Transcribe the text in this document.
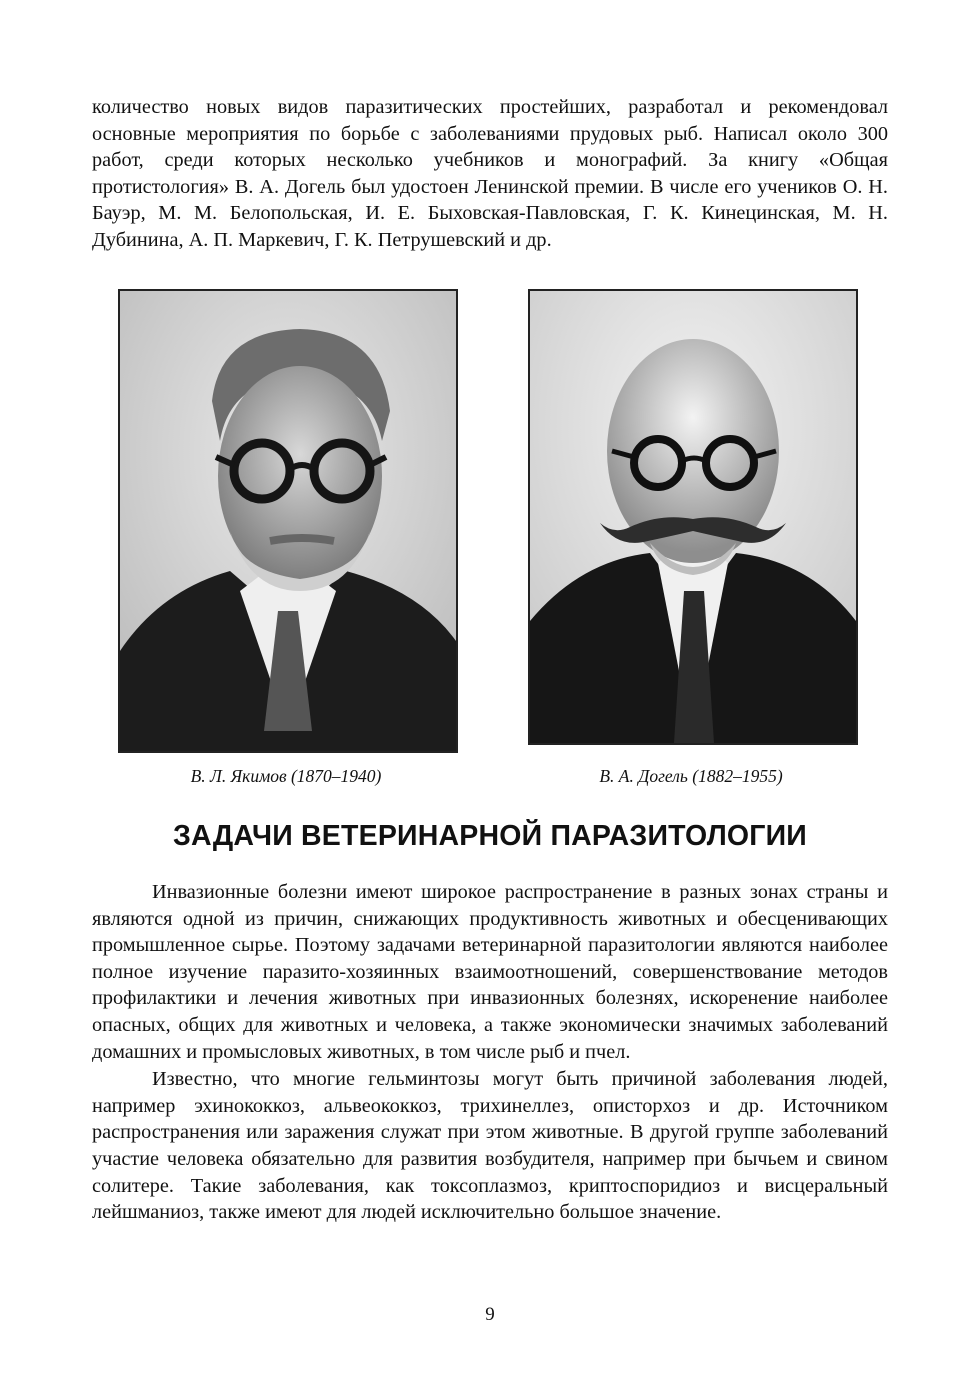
количество новых видов паразитических простейших, разработал и рекомендовал основные мероприятия по борьбе с заболеваниями прудовых рыб. Написал около 300 работ, среди которых несколько учебников и монографий. За книгу «Общая протистология» В. А. Догель был удостоен Ленинской премии. В числе его учеников О. Н. Бауэр, М. М. Белопольская, И. Е. Быховская-Павловская, Г. К. Кинецинская, М. Н. Дубинина, А. П. Маркевич, Г. К. Петрушевский и др.

В. Л. Якимов (1870–1940)	В. А. Догель (1882–1955)
ЗАДАЧИ ВЕТЕРИНАРНОЙ ПАРАЗИТОЛОГИИ

Инвазионные болезни имеют широкое распространение в разных зонах страны и являются одной из причин, снижающих продуктивность животных и обесценивающих промышленное сырье. Поэтому задачами ветеринарной паразитологии являются наиболее полное изучение паразито-хозяинных взаимоотношений, совершенствование методов профилактики и лечения животных при инвазионных болезнях, искоренение наиболее опасных, общих для животных и человека, а также экономически значимых заболеваний домашних и промысловых животных, в том числе рыб и пчел.

Известно, что многие гельминтозы могут быть причиной заболевания людей, например эхинококкоз, альвеококкоз, трихинеллез, описторхоз и др. Источником распространения или заражения служат при этом животные. В другой группе заболеваний участие человека обязательно для развития возбудителя, например при бычьем и свином солитере. Такие заболевания, как токсоплазмоз, криптоспоридиоз и висцеральный лейшманиоз, также имеют для людей исключительно большое значение.

9
